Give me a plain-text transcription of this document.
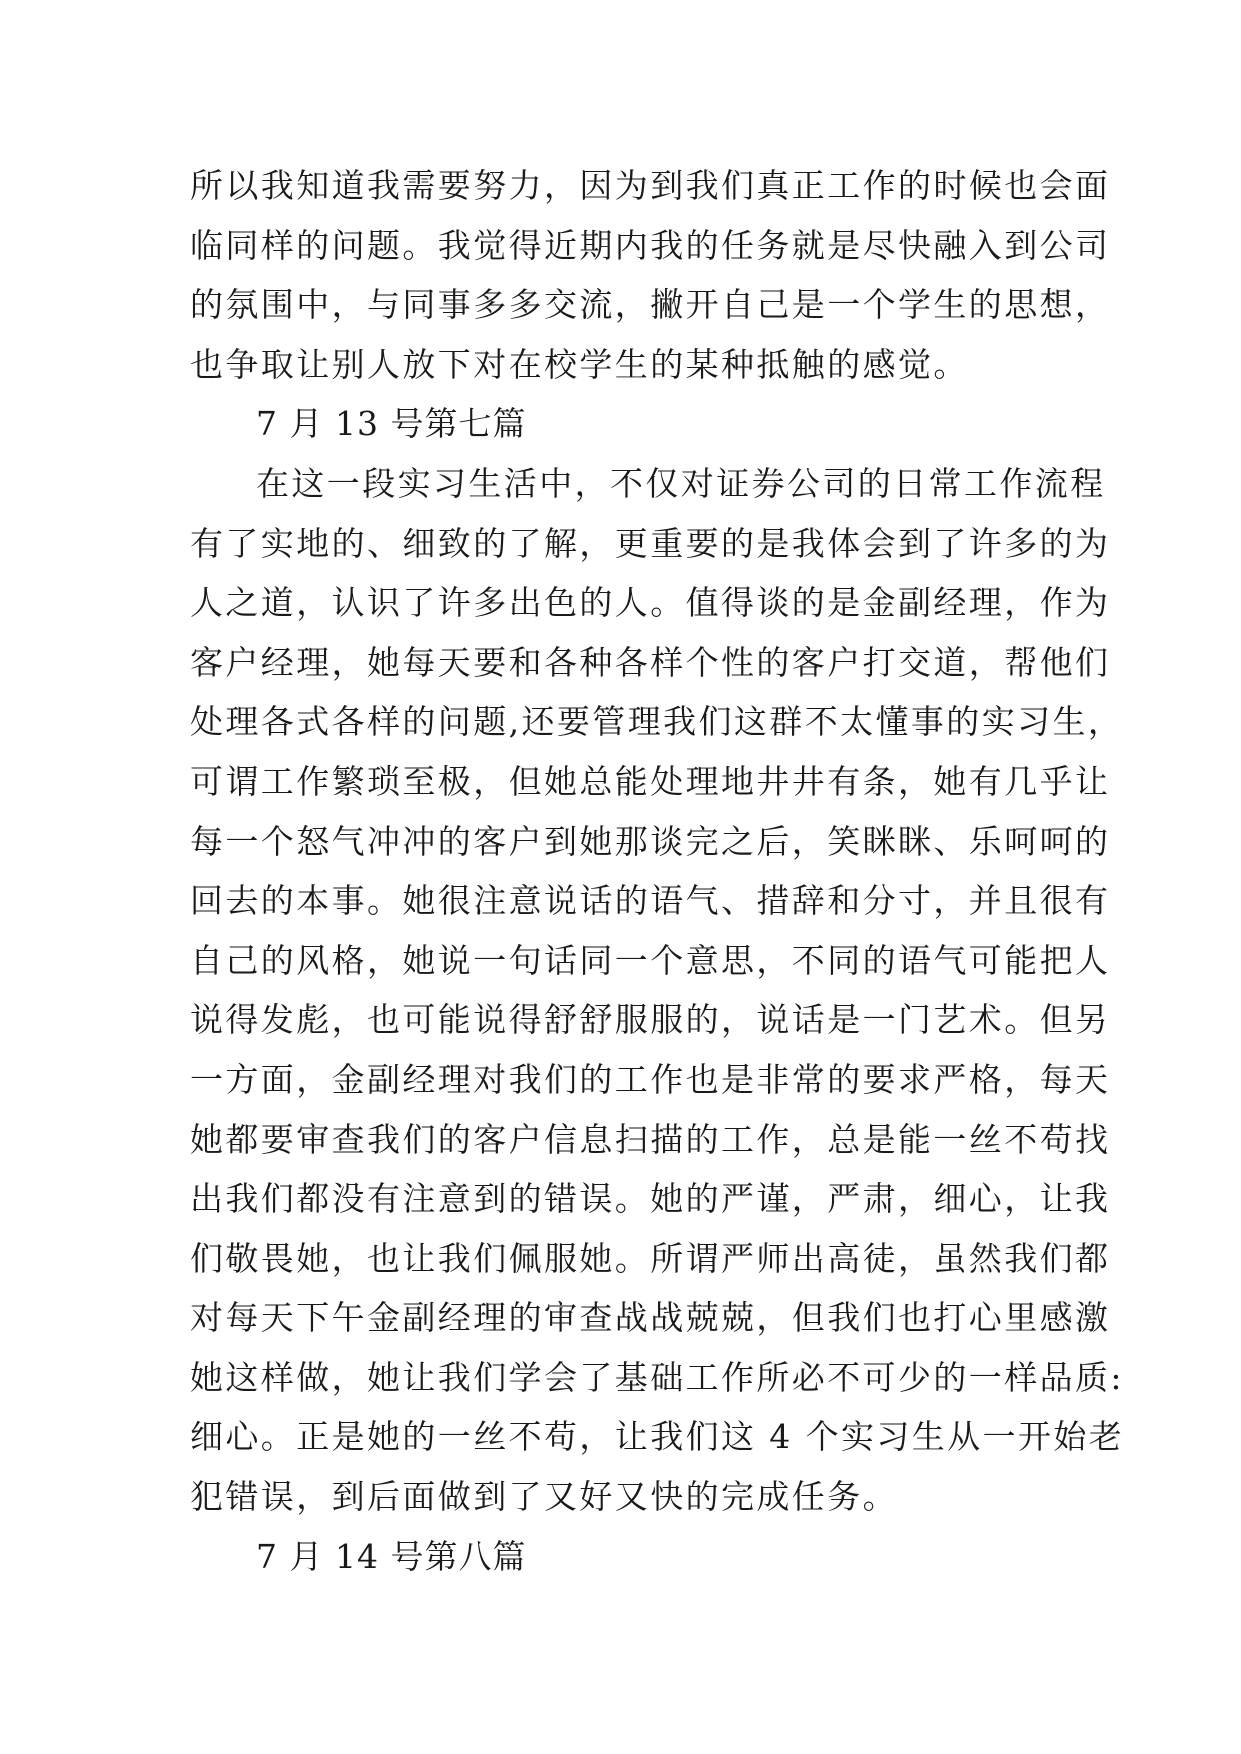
所以我知道我需要努力，因为到我们真正工作的时候也会面
临同样的问题。我觉得近期内我的任务就是尽快融入到公司
的氛围中，与同事多多交流，撇开自己是一个学生的思想，
也争取让别人放下对在校学生的某种抵触的感觉。
7 月 13 号第七篇
在这一段实习生活中，不仅对证券公司的日常工作流程
有了实地的、细致的了解，更重要的是我体会到了许多的为
人之道，认识了许多出色的人。值得谈的是金副经理，作为
客户经理，她每天要和各种各样个性的客户打交道，帮他们
处理各式各样的问题,还要管理我们这群不太懂事的实习生，
可谓工作繁琐至极，但她总能处理地井井有条，她有几乎让
每一个怒气冲冲的客户到她那谈完之后，笑眯眯、乐呵呵的
回去的本事。她很注意说话的语气、措辞和分寸，并且很有
自己的风格，她说一句话同一个意思，不同的语气可能把人
说得发彪，也可能说得舒舒服服的，说话是一门艺术。但另
一方面，金副经理对我们的工作也是非常的要求严格，每天
她都要审查我们的客户信息扫描的工作，总是能一丝不苟找
出我们都没有注意到的错误。她的严谨，严肃，细心，让我
们敬畏她，也让我们佩服她。所谓严师出高徒，虽然我们都
对每天下午金副经理的审查战战兢兢，但我们也打心里感激
她这样做，她让我们学会了基础工作所必不可少的一样品质:
细心。正是她的一丝不苟，让我们这 4 个实习生从一开始老
犯错误，到后面做到了又好又快的完成任务。
7 月 14 号第八篇
